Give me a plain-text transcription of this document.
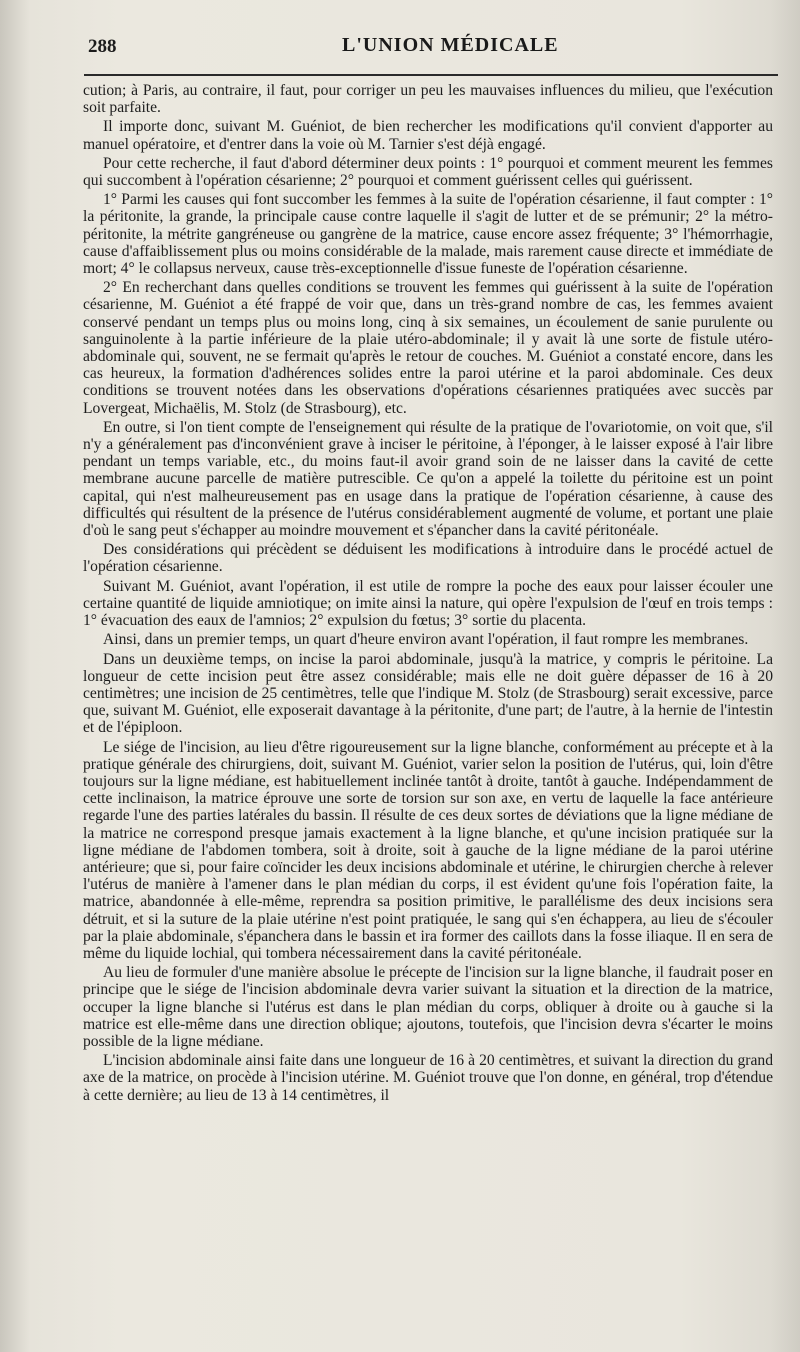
288	L'UNION MÉDICALE

cution; à Paris, au contraire, il faut, pour corriger un peu les mauvaises influences du milieu, que l'exécution soit parfaite.

Il importe donc, suivant M. Guéniot, de bien rechercher les modifications qu'il convient d'apporter au manuel opératoire, et d'entrer dans la voie où M. Tarnier s'est déjà engagé.

Pour cette recherche, il faut d'abord déterminer deux points : 1° pourquoi et comment meurent les femmes qui succombent à l'opération césarienne; 2° pourquoi et comment guérissent celles qui guérissent.

1° Parmi les causes qui font succomber les femmes à la suite de l'opération césarienne, il faut compter : 1° la péritonite, la grande, la principale cause contre laquelle il s'agit de lutter et de se prémunir; 2° la métro-péritonite, la métrite gangréneuse ou gangrène de la matrice, cause encore assez fréquente; 3° l'hémorrhagie, cause d'affaiblissement plus ou moins considérable de la malade, mais rarement cause directe et immédiate de mort; 4° le collapsus nerveux, cause très-exceptionnelle d'issue funeste de l'opération césarienne.

2° En recherchant dans quelles conditions se trouvent les femmes qui guérissent à la suite de l'opération césarienne, M. Guéniot a été frappé de voir que, dans un très-grand nombre de cas, les femmes avaient conservé pendant un temps plus ou moins long, cinq à six semaines, un écoulement de sanie purulente ou sanguinolente à la partie inférieure de la plaie utéro-abdominale; il y avait là une sorte de fistule utéro-abdominale qui, souvent, ne se fermait qu'après le retour de couches. M. Guéniot a constaté encore, dans les cas heureux, la formation d'adhérences solides entre la paroi utérine et la paroi abdominale. Ces deux conditions se trouvent notées dans les observations d'opérations césariennes pratiquées avec succès par Lovergeat, Michaëlis, M. Stolz (de Strasbourg), etc.

En outre, si l'on tient compte de l'enseignement qui résulte de la pratique de l'ovariotomie, on voit que, s'il n'y a généralement pas d'inconvénient grave à inciser le péritoine, à l'éponger, à le laisser exposé à l'air libre pendant un temps variable, etc., du moins faut-il avoir grand soin de ne laisser dans la cavité de cette membrane aucune parcelle de matière putrescible. Ce qu'on a appelé la toilette du péritoine est un point capital, qui n'est malheureusement pas en usage dans la pratique de l'opération césarienne, à cause des difficultés qui résultent de la présence de l'utérus considérablement augmenté de volume, et portant une plaie d'où le sang peut s'échapper au moindre mouvement et s'épancher dans la cavité péritonéale.

Des considérations qui précèdent se déduisent les modifications à introduire dans le procédé actuel de l'opération césarienne.

Suivant M. Guéniot, avant l'opération, il est utile de rompre la poche des eaux pour laisser écouler une certaine quantité de liquide amniotique; on imite ainsi la nature, qui opère l'expulsion de l'œuf en trois temps : 1° évacuation des eaux de l'amnios; 2° expulsion du fœtus; 3° sortie du placenta.

Ainsi, dans un premier temps, un quart d'heure environ avant l'opération, il faut rompre les membranes.

Dans un deuxième temps, on incise la paroi abdominale, jusqu'à la matrice, y compris le péritoine. La longueur de cette incision peut être assez considérable; mais elle ne doit guère dépasser de 16 à 20 centimètres; une incision de 25 centimètres, telle que l'indique M. Stolz (de Strasbourg) serait excessive, parce que, suivant M. Guéniot, elle exposerait davantage à la péritonite, d'une part; de l'autre, à la hernie de l'intestin et de l'épiploon.

Le siége de l'incision, au lieu d'être rigoureusement sur la ligne blanche, conformément au précepte et à la pratique générale des chirurgiens, doit, suivant M. Guéniot, varier selon la position de l'utérus, qui, loin d'être toujours sur la ligne médiane, est habituellement inclinée tantôt à droite, tantôt à gauche. Indépendamment de cette inclinaison, la matrice éprouve une sorte de torsion sur son axe, en vertu de laquelle la face antérieure regarde l'une des parties latérales du bassin. Il résulte de ces deux sortes de déviations que la ligne médiane de la matrice ne correspond presque jamais exactement à la ligne blanche, et qu'une incision pratiquée sur la ligne médiane de l'abdomen tombera, soit à droite, soit à gauche de la ligne médiane de la paroi utérine antérieure; que si, pour faire coïncider les deux incisions abdominale et utérine, le chirurgien cherche à relever l'utérus de manière à l'amener dans le plan médian du corps, il est évident qu'une fois l'opération faite, la matrice, abandonnée à elle-même, reprendra sa position primitive, le parallélisme des deux incisions sera détruit, et si la suture de la plaie utérine n'est point pratiquée, le sang qui s'en échappera, au lieu de s'écouler par la plaie abdominale, s'épanchera dans le bassin et ira former des caillots dans la fosse iliaque. Il en sera de même du liquide lochial, qui tombera nécessairement dans la cavité péritonéale.

Au lieu de formuler d'une manière absolue le précepte de l'incision sur la ligne blanche, il faudrait poser en principe que le siége de l'incision abdominale devra varier suivant la situation et la direction de la matrice, occuper la ligne blanche si l'utérus est dans le plan médian du corps, obliquer à droite ou à gauche si la matrice est elle-même dans une direction oblique; ajoutons, toutefois, que l'incision devra s'écarter le moins possible de la ligne médiane.

L'incision abdominale ainsi faite dans une longueur de 16 à 20 centimètres, et suivant la direction du grand axe de la matrice, on procède à l'incision utérine. M. Guéniot trouve que l'on donne, en général, trop d'étendue à cette dernière; au lieu de 13 à 14 centimètres, il
